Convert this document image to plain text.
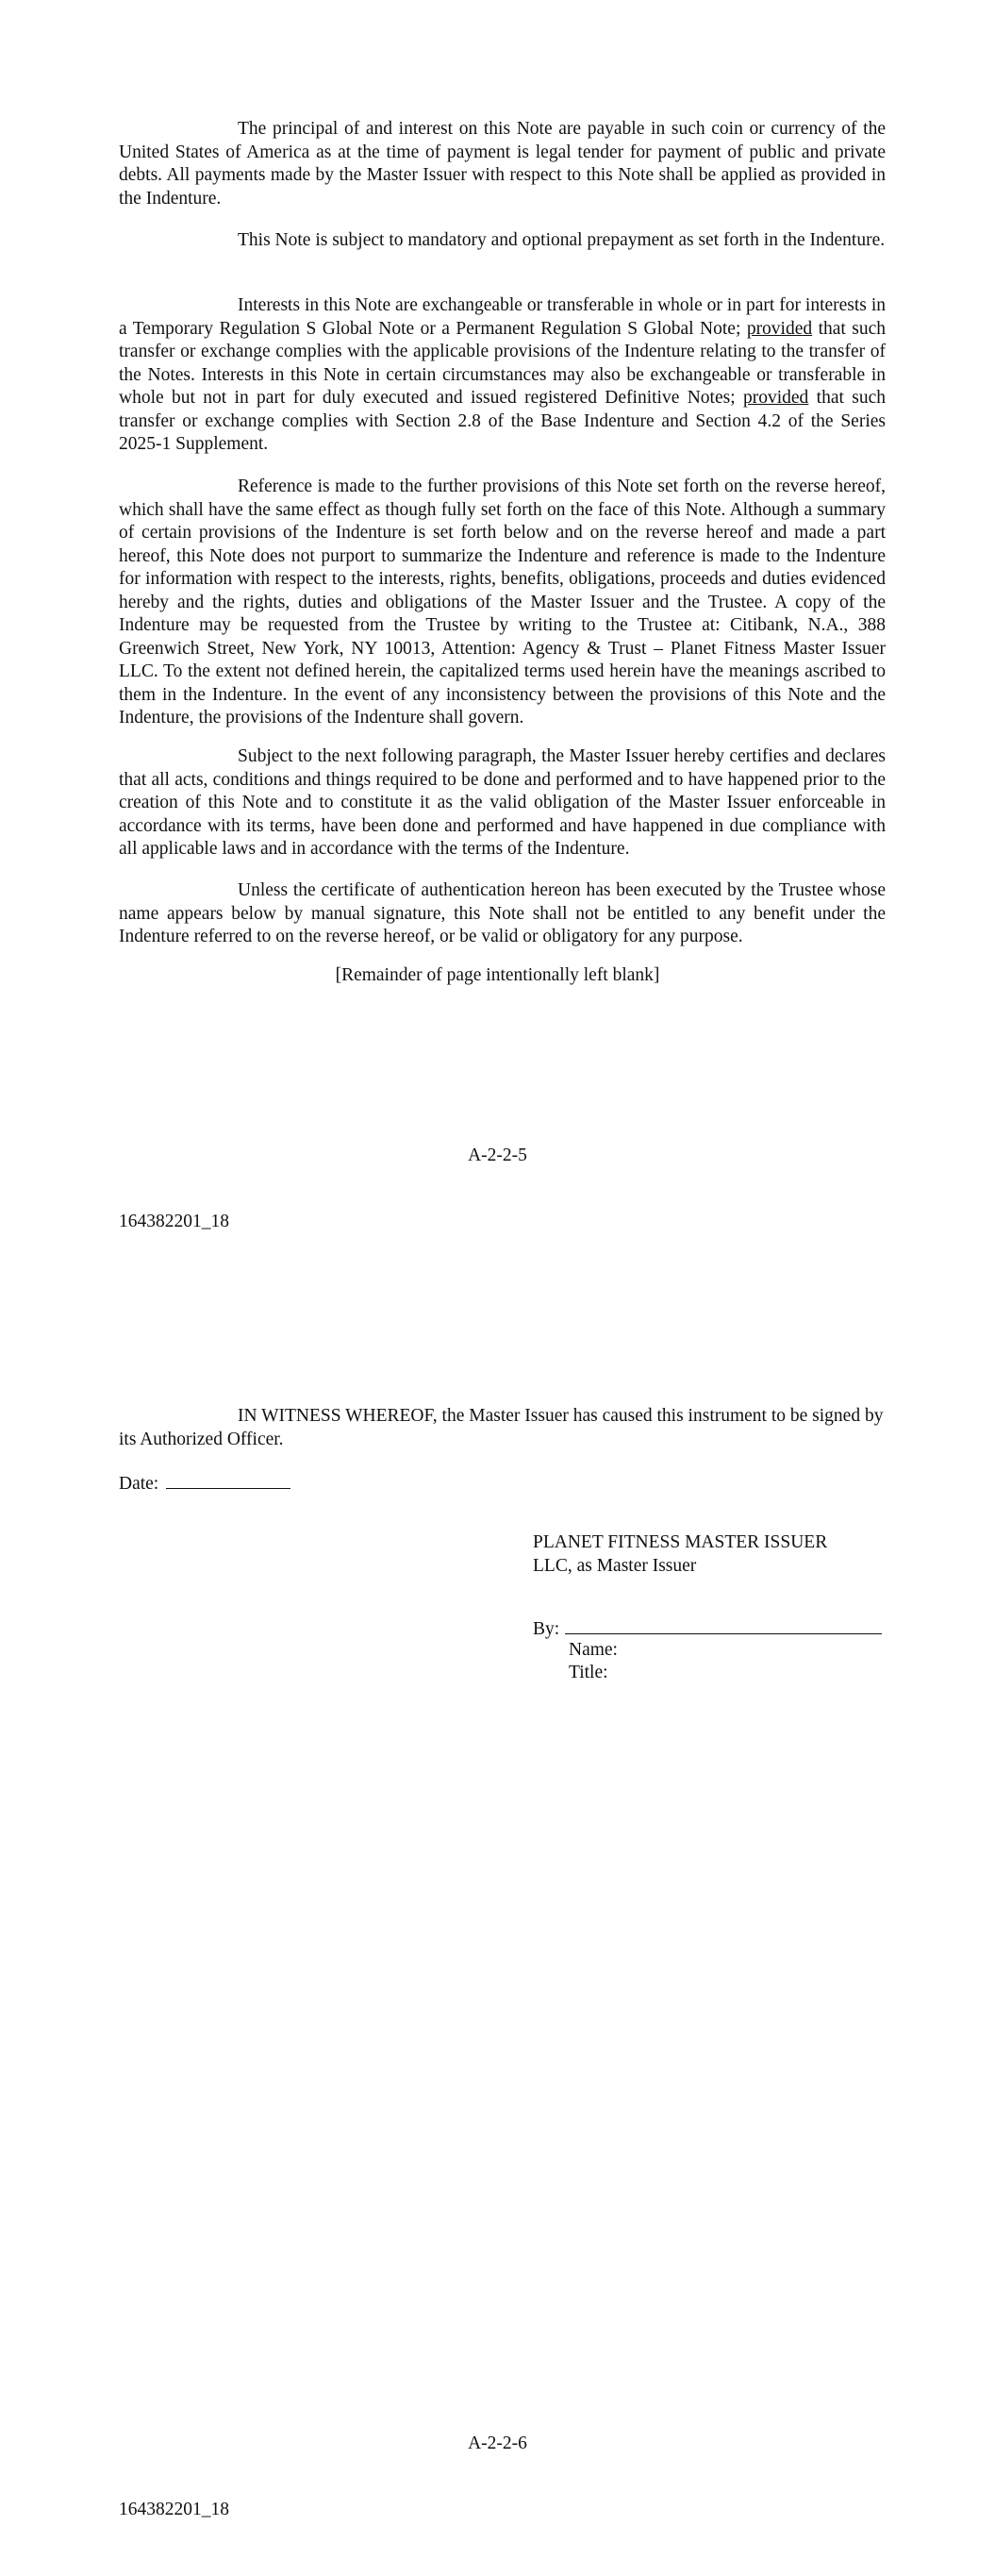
The principal of and interest on this Note are payable in such coin or currency of the United States of America as at the time of payment is legal tender for payment of public and private debts. All payments made by the Master Issuer with respect to this Note shall be applied as provided in the Indenture.

This Note is subject to mandatory and optional prepayment as set forth in the Indenture.

Interests in this Note are exchangeable or transferable in whole or in part for interests in a Temporary Regulation S Global Note or a Permanent Regulation S Global Note; provided that such transfer or exchange complies with the applicable provisions of the Indenture relating to the transfer of the Notes. Interests in this Note in certain circumstances may also be exchangeable or transferable in whole but not in part for duly executed and issued registered Definitive Notes; provided that such transfer or exchange complies with Section 2.8 of the Base Indenture and Section 4.2 of the Series 2025-1 Supplement.

Reference is made to the further provisions of this Note set forth on the reverse hereof, which shall have the same effect as though fully set forth on the face of this Note. Although a summary of certain provisions of the Indenture is set forth below and on the reverse hereof and made a part hereof, this Note does not purport to summarize the Indenture and reference is made to the Indenture for information with respect to the interests, rights, benefits, obligations, proceeds and duties evidenced hereby and the rights, duties and obligations of the Master Issuer and the Trustee. A copy of the Indenture may be requested from the Trustee by writing to the Trustee at: Citibank, N.A., 388 Greenwich Street, New York, NY 10013, Attention: Agency & Trust – Planet Fitness Master Issuer LLC. To the extent not defined herein, the capitalized terms used herein have the meanings ascribed to them in the Indenture. In the event of any inconsistency between the provisions of this Note and the Indenture, the provisions of the Indenture shall govern.

Subject to the next following paragraph, the Master Issuer hereby certifies and declares that all acts, conditions and things required to be done and performed and to have happened prior to the creation of this Note and to constitute it as the valid obligation of the Master Issuer enforceable in accordance with its terms, have been done and performed and have happened in due compliance with all applicable laws and in accordance with the terms of the Indenture.

Unless the certificate of authentication hereon has been executed by the Trustee whose name appears below by manual signature, this Note shall not be entitled to any benefit under the Indenture referred to on the reverse hereof, or be valid or obligatory for any purpose.

[Remainder of page intentionally left blank]

A-2-2-5

164382201_18

IN WITNESS WHEREOF, the Master Issuer has caused this instrument to be signed by its Authorized Officer.

Date:

PLANET FITNESS MASTER ISSUER

LLC, as Master Issuer

By:

Name:

Title:

A-2-2-6

164382201_18
